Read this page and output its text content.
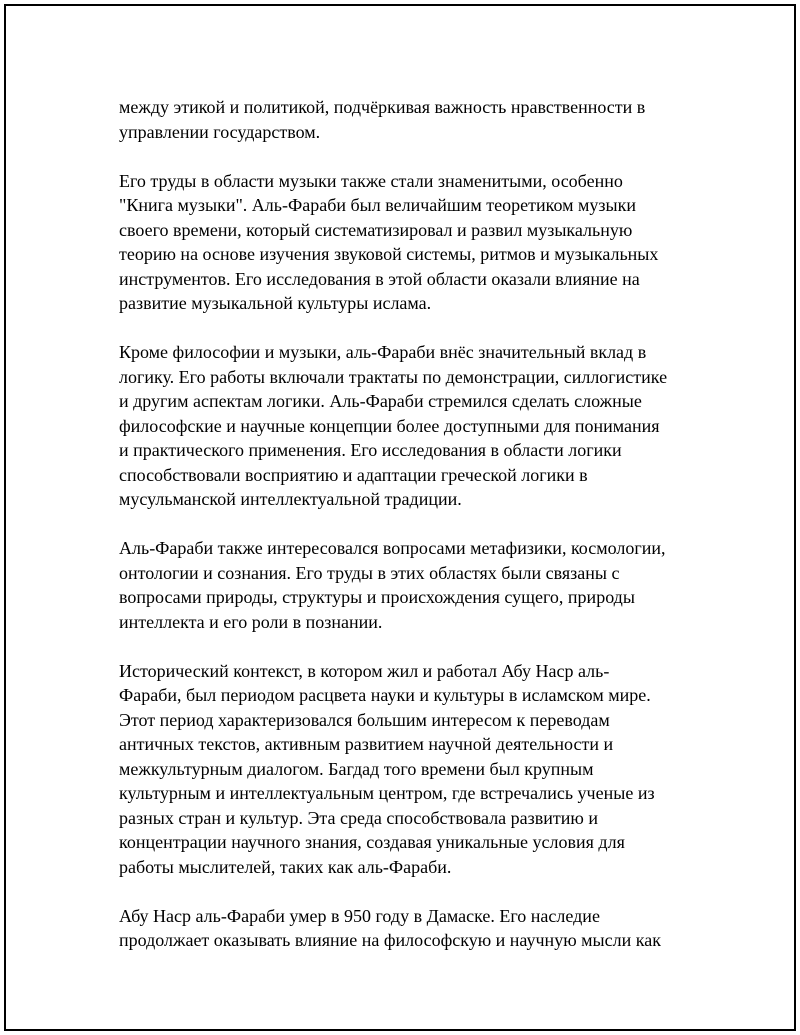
между этикой и политикой, подчёркивая важность нравственности в
управлении государством.
Его труды в области музыки также стали знаменитыми, особенно
"Книга музыки". Аль-Фараби был величайшим теоретиком музыки
своего времени, который систематизировал и развил музыкальную
теорию на основе изучения звуковой системы, ритмов и музыкальных
инструментов. Его исследования в этой области оказали влияние на
развитие музыкальной культуры ислама.
Кроме философии и музыки, аль-Фараби внёс значительный вклад в
логику. Его работы включали трактаты по демонстрации, силлогистике
и другим аспектам логики. Аль-Фараби стремился сделать сложные
философские и научные концепции более доступными для понимания
и практического применения. Его исследования в области логики
способствовали восприятию и адаптации греческой логики в
мусульманской интеллектуальной традиции.
Аль-Фараби также интересовался вопросами метафизики, космологии,
онтологии и сознания. Его труды в этих областях были связаны с
вопросами природы, структуры и происхождения сущего, природы
интеллекта и его роли в познании.
Исторический контекст, в котором жил и работал Абу Наср аль-
Фараби, был периодом расцвета науки и культуры в исламском мире.
Этот период характеризовался большим интересом к переводам
античных текстов, активным развитием научной деятельности и
межкультурным диалогом. Багдад того времени был крупным
культурным и интеллектуальным центром, где встречались ученые из
разных стран и культур. Эта среда способствовала развитию и
концентрации научного знания, создавая уникальные условия для
работы мыслителей, таких как аль-Фараби.
Абу Наср аль-Фараби умер в 950 году в Дамаске. Его наследие
продолжает оказывать влияние на философскую и научную мысли как
